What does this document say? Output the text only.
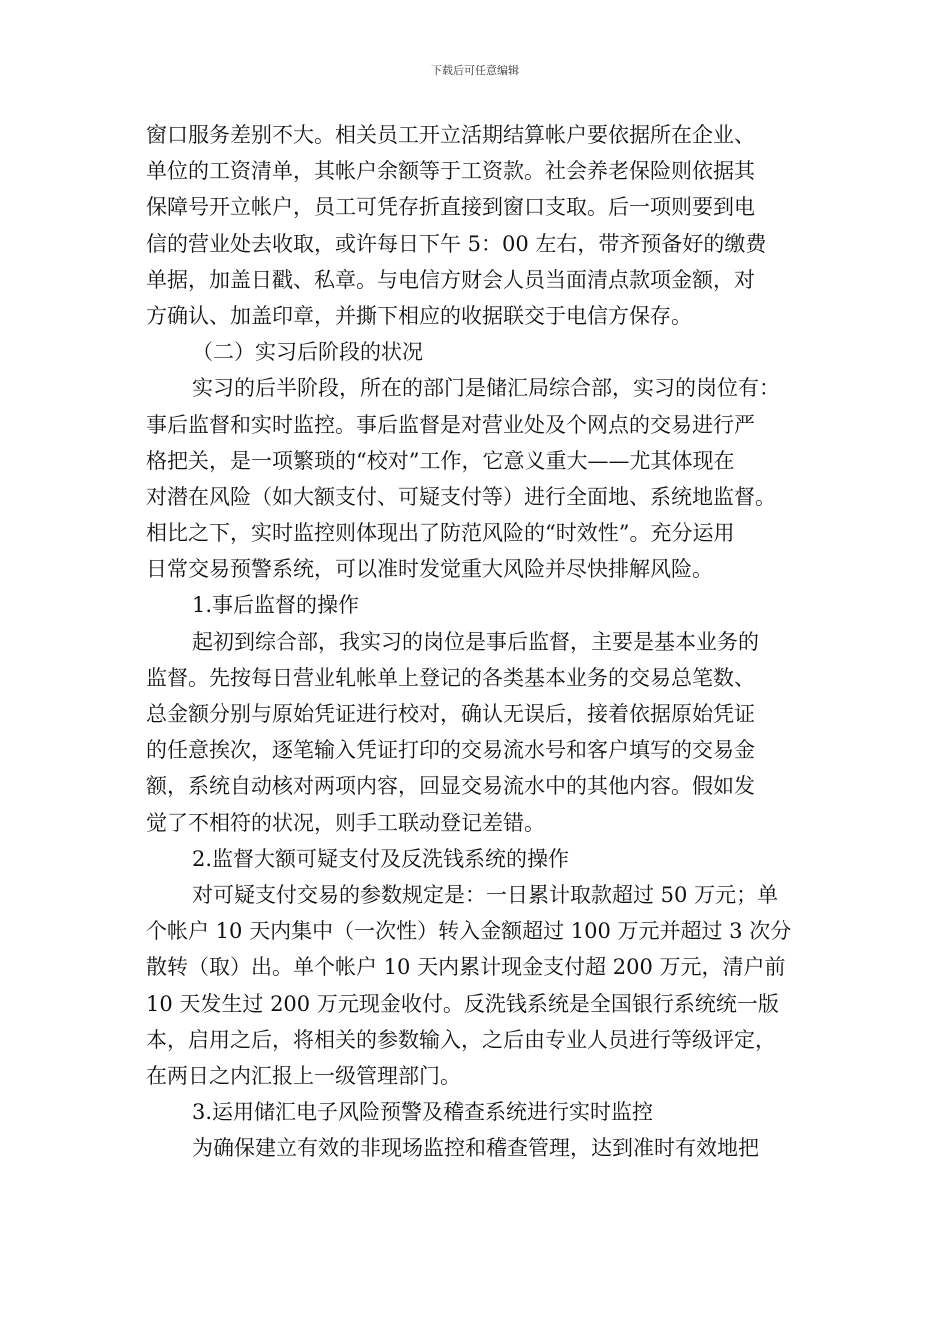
下载后可任意编辑
窗口服务差别不大。相关员工开立活期结算帐户要依据所在企业、
单位的工资清单，其帐户余额等于工资款。社会养老保险则依据其
保障号开立帐户，员工可凭存折直接到窗口支取。后一项则要到电
信的营业处去收取，或许每日下午 5：00 左右，带齐预备好的缴费
单据，加盖日戳、私章。与电信方财会人员当面清点款项金额，对
方确认、加盖印章，并撕下相应的收据联交于电信方保存。
（二）实习后阶段的状况
实习的后半阶段，所在的部门是储汇局综合部，实习的岗位有：
事后监督和实时监控。事后监督是对营业处及个网点的交易进行严
格把关，是一项繁琐的“校对”工作，它意义重大——尤其体现在
对潜在风险（如大额支付、可疑支付等）进行全面地、系统地监督。
相比之下，实时监控则体现出了防范风险的“时效性”。充分运用
日常交易预警系统，可以准时发觉重大风险并尽快排解风险。
1.事后监督的操作
起初到综合部，我实习的岗位是事后监督，主要是基本业务的
监督。先按每日营业轧帐单上登记的各类基本业务的交易总笔数、
总金额分别与原始凭证进行校对，确认无误后，接着依据原始凭证
的任意挨次，逐笔输入凭证打印的交易流水号和客户填写的交易金
额，系统自动核对两项内容，回显交易流水中的其他内容。假如发
觉了不相符的状况，则手工联动登记差错。
2.监督大额可疑支付及反洗钱系统的操作
对可疑支付交易的参数规定是：一日累计取款超过 50 万元；单
个帐户 10 天内集中（一次性）转入金额超过 100 万元并超过 3 次分
散转（取）出。单个帐户 10 天内累计现金支付超 200 万元，清户前
10 天发生过 200 万元现金收付。反洗钱系统是全国银行系统统一版
本，启用之后，将相关的参数输入，之后由专业人员进行等级评定，
在两日之内汇报上一级管理部门。
3.运用储汇电子风险预警及稽查系统进行实时监控
为确保建立有效的非现场监控和稽查管理，达到准时有效地把
